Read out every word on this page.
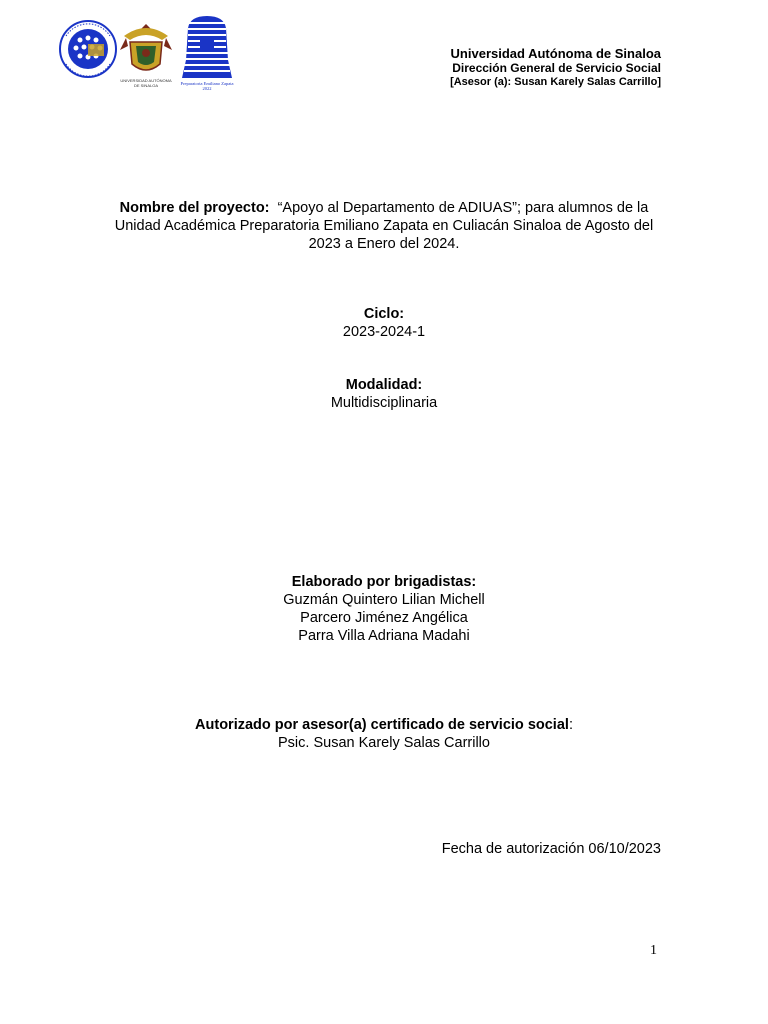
UNIVERSIDAD AUTÓNOMA DE SINALOA	Preparatoria Emiliano Zapata
2022
Universidad Autónoma de Sinaloa
Dirección General de Servicio Social
[Asesor (a): Susan Karely Salas Carrillo]
Nombre del proyecto: “Apoyo al Departamento de ADIUAS”; para alumnos de la Unidad Académica Preparatoria Emiliano Zapata en Culiacán Sinaloa de Agosto del 2023 a Enero del 2024.
Ciclo:
2023-2024-1
Modalidad:
Multidisciplinaria
Elaborado por brigadistas:
Guzmán Quintero Lilian Michell
Parcero Jiménez Angélica
Parra Villa Adriana Madahi
Autorizado por asesor(a) certificado de servicio social:
Psic. Susan Karely Salas Carrillo
Fecha de autorización 06/10/2023
1
